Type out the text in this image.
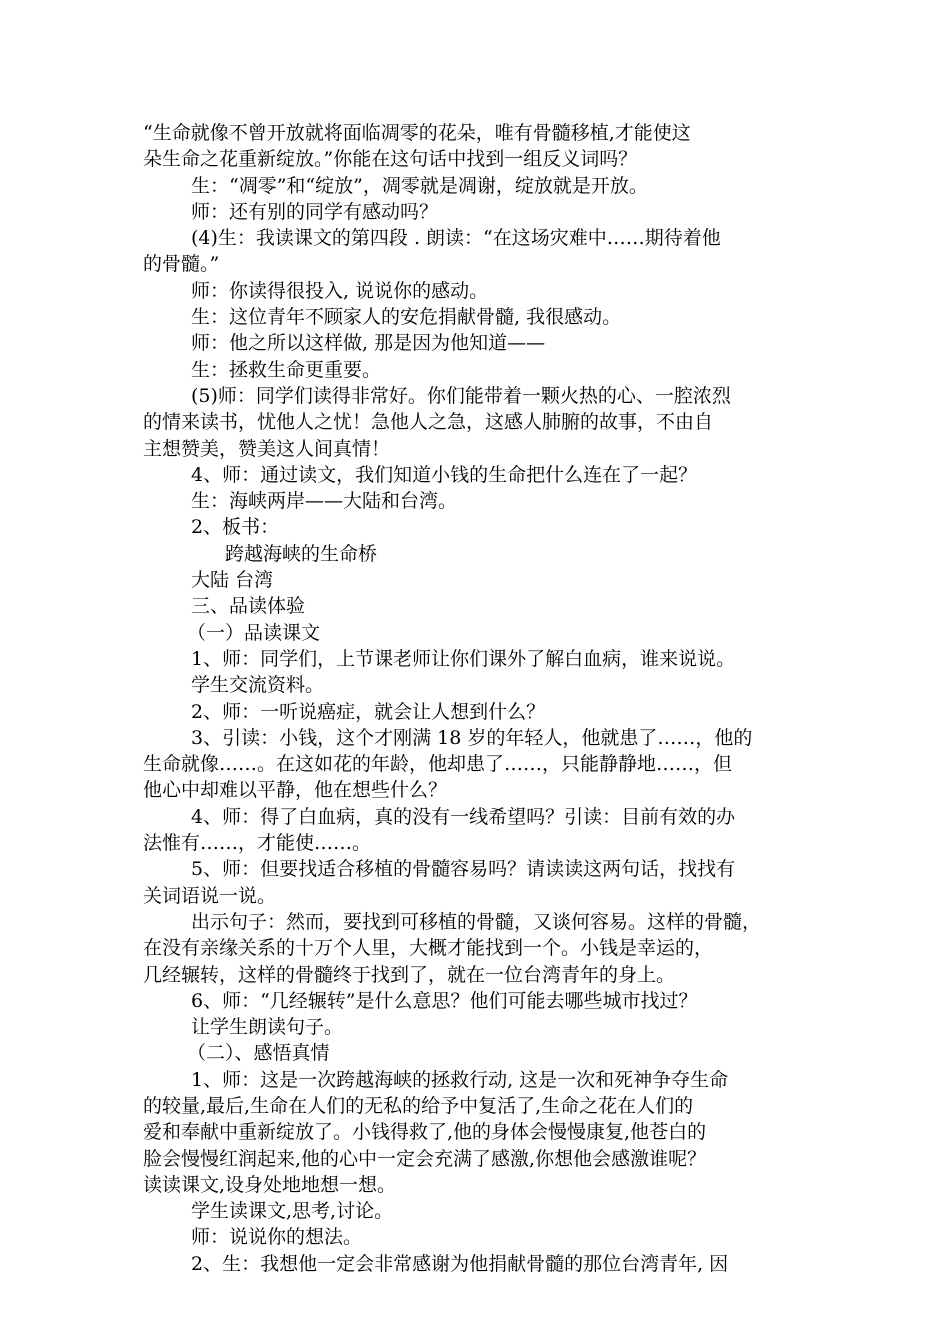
“生命就像不曾开放就将面临凋零的花朵，唯有骨髓移植,才能使这

朵生命之花重新绽放。”你能在这句话中找到一组反义词吗？

生：“凋零”和“绽放”，凋零就是凋谢，绽放就是开放。

师：还有别的同学有感动吗？

(4)生：我读课文的第四段 . 朗读：“在这场灾难中……期待着他

的骨髓。”

师：你读得很投入, 说说你的感动。

生：这位青年不顾家人的安危捐献骨髓, 我很感动。

师：他之所以这样做, 那是因为他知道——

生：拯救生命更重要。

(5)师：同学们读得非常好。你们能带着一颗火热的心、一腔浓烈

的情来读书，忧他人之忧！急他人之急，这感人肺腑的故事，不由自

主想赞美，赞美这人间真情！

4、师：通过读文，我们知道小钱的生命把什么连在了一起？

生：海峡两岸——大陆和台湾。

2、板书：

跨越海峡的生命桥

大陆 台湾

三、品读体验

（一）品读课文

1、师：同学们，上节课老师让你们课外了解白血病，谁来说说。

学生交流资料。

2、师：一听说癌症，就会让人想到什么？

3、引读：小钱，这个才刚满 18 岁的年轻人，他就患了……，他的

生命就像……。在这如花的年龄，他却患了……，只能静静地……，但

他心中却难以平静，他在想些什么？

4、师：得了白血病，真的没有一线希望吗？引读：目前有效的办

法惟有……，才能使……。

5、师：但要找适合移植的骨髓容易吗？请读读这两句话，找找有

关词语说一说。

出示句子：然而，要找到可移植的骨髓，又谈何容易。这样的骨髓，

在没有亲缘关系的十万个人里，大概才能找到一个。小钱是幸运的，

几经辗转，这样的骨髓终于找到了，就在一位台湾青年的身上。

6、师：“几经辗转”是什么意思？他们可能去哪些城市找过？

让学生朗读句子。

（二）、感悟真情

1、师：这是一次跨越海峡的拯救行动, 这是一次和死神争夺生命

的较量,最后,生命在人们的无私的给予中复活了,生命之花在人们的

爱和奉献中重新绽放了。小钱得救了,他的身体会慢慢康复,他苍白的

脸会慢慢红润起来,他的心中一定会充满了感激,你想他会感激谁呢？

读读课文,设身处地地想一想。

学生读课文,思考,讨论。

师：说说你的想法。

2、生：我想他一定会非常感谢为他捐献骨髓的那位台湾青年, 因
